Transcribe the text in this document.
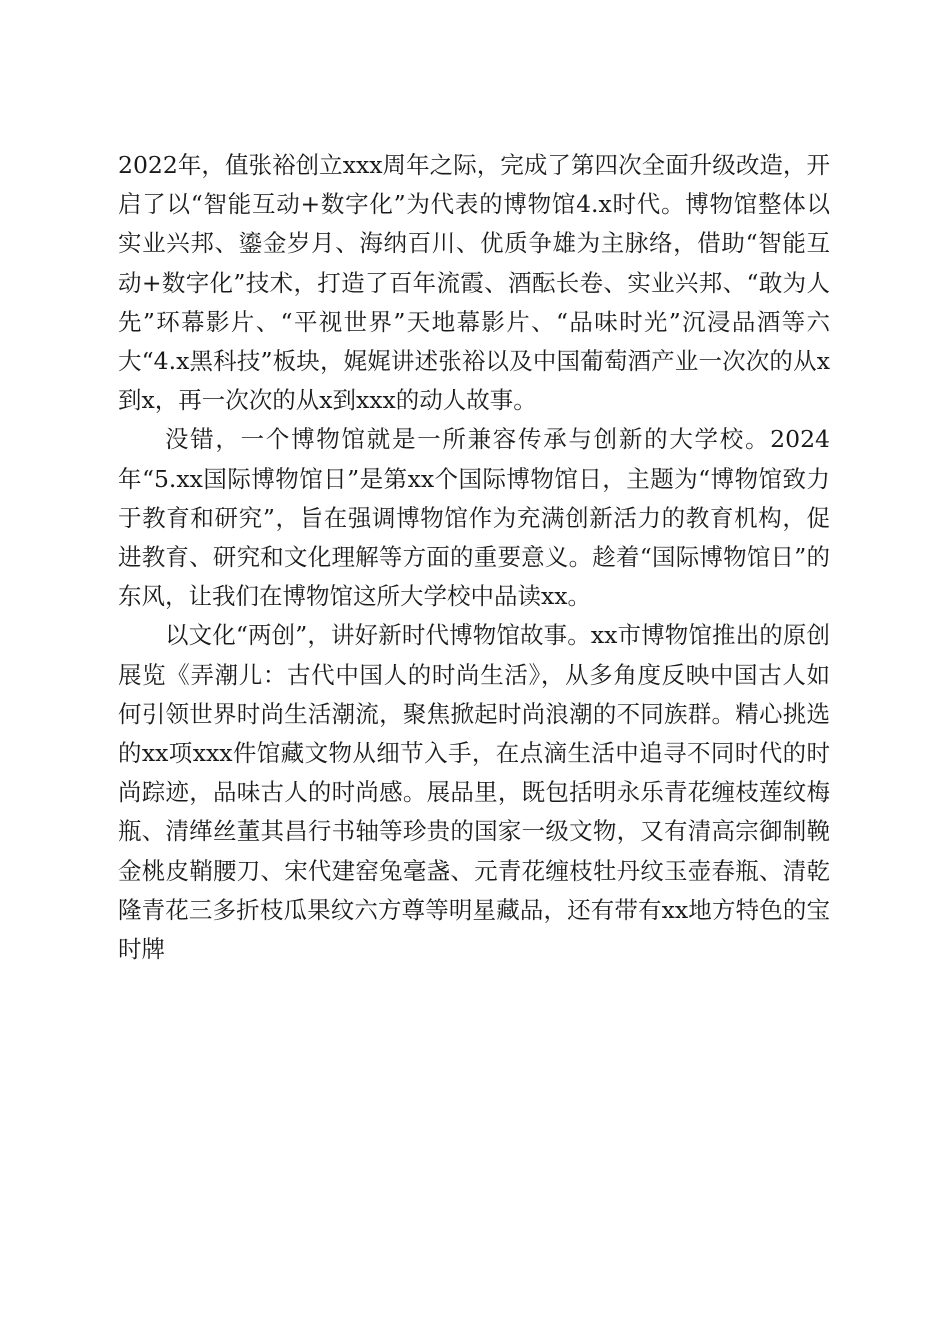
2022年，值张裕创立xxx周年之际，完成了第四次全面升级改造，开启了以“智能互动+数字化”为代表的博物馆4.x时代。博物馆整体以实业兴邦、鎏金岁月、海纳百川、优质争雄为主脉络，借助“智能互动+数字化”技术，打造了百年流霞、酒酝长卷、实业兴邦、“敢为人先”环幕影片、“平视世界”天地幕影片、“品味时光”沉浸品酒等六大“4.x黑科技”板块，娓娓讲述张裕以及中国葡萄酒产业一次次的从x到x，再一次次的从x到xxx的动人故事。

没错，一个博物馆就是一所兼容传承与创新的大学校。2024年“5.xx国际博物馆日”是第xx个国际博物馆日，主题为“博物馆致力于教育和研究”，旨在强调博物馆作为充满创新活力的教育机构，促进教育、研究和文化理解等方面的重要意义。趁着“国际博物馆日”的东风，让我们在博物馆这所大学校中品读xx。

以文化“两创”，讲好新时代博物馆故事。xx市博物馆推出的原创展览《弄潮儿：古代中国人的时尚生活》，从多角度反映中国古人如何引领世界时尚生活潮流，聚焦掀起时尚浪潮的不同族群。精心挑选的xx项xxx件馆藏文物从细节入手，在点滴生活中追寻不同时代的时尚踪迹，品味古人的时尚感。展品里，既包括明永乐青花缠枝莲纹梅瓶、清缂丝董其昌行书轴等珍贵的国家一级文物，又有清高宗御制鞔金桃皮鞘腰刀、宋代建窑兔毫盏、元青花缠枝牡丹纹玉壶春瓶、清乾隆青花三多折枝瓜果纹六方尊等明星藏品，还有带有xx地方特色的宝时牌
